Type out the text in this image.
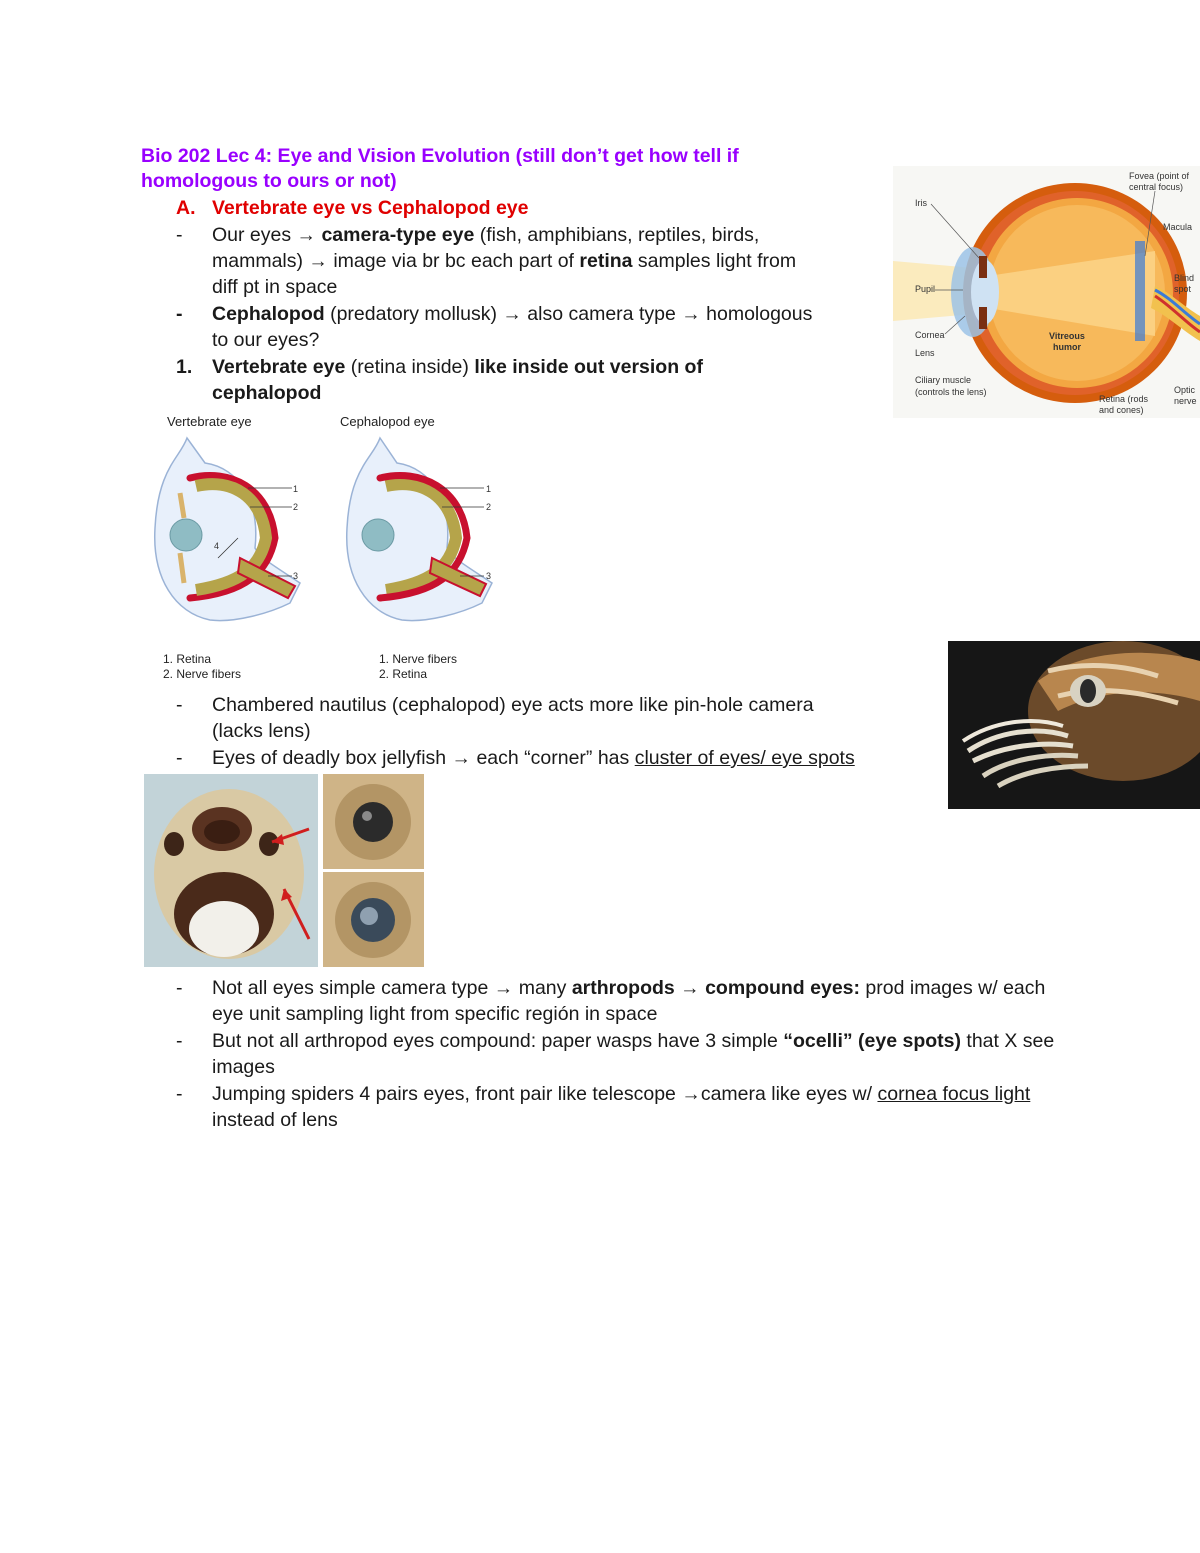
Bio 202 Lec 4: Eye and Vision Evolution (still don’t get how tell if
homologous to ours or not)
A. Vertebrate eye vs Cephalopod eye
- Our eyes → camera-type eye (fish, amphibians, reptiles, birds,
mammals) → image via br bc each part of retina samples light from
diff pt in space
- Cephalopod (predatory mollusk) → also camera type → homologous
to our eyes?
1. Vertebrate eye (retina inside) like inside out version of
cephalopod
Iris
Pupil
Cornea
Lens
Ciliary muscle
(controls the lens)
Fovea (point of
central focus)
Macula
Blind
spot
Vitreous
humor
Optic
nerve
Retina (rods
and cones)
Vertebrate eye	Cephalopod eye
1
2
3
4
1
2
3
1. Retina
2. Nerve fibers
1. Nerve fibers
2. Retina
- Chambered nautilus (cephalopod) eye acts more like pin-hole camera
(lacks lens)
- Eyes of deadly box jellyfish → each “corner” has cluster of eyes/ eye spots
- Not all eyes simple camera type → many arthropods → compound eyes: prod images w/ each
eye unit sampling light from specific región in space
- But not all arthropod eyes compound: paper wasps have 3 simple “ocelli” (eye spots) that X see
images
- Jumping spiders 4 pairs eyes, front pair like telescope →camera like eyes w/ cornea focus light
instead of lens
